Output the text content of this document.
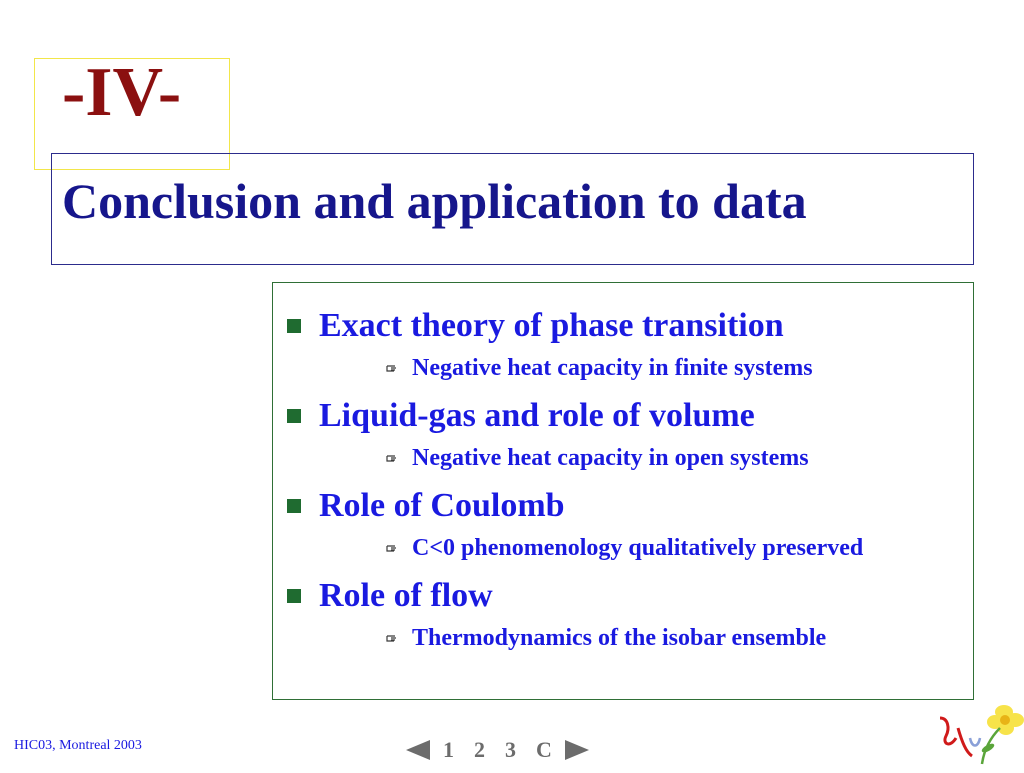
-IV-
Conclusion and application to data
Exact theory of phase transition
Negative heat capacity in finite systems
Liquid-gas and role of volume
Negative heat capacity in open systems
Role of Coulomb
C<0 phenomenology qualitatively preserved
Role of flow
Thermodynamics of the isobar ensemble
HIC03, Montreal 2003	1 2 3 C
